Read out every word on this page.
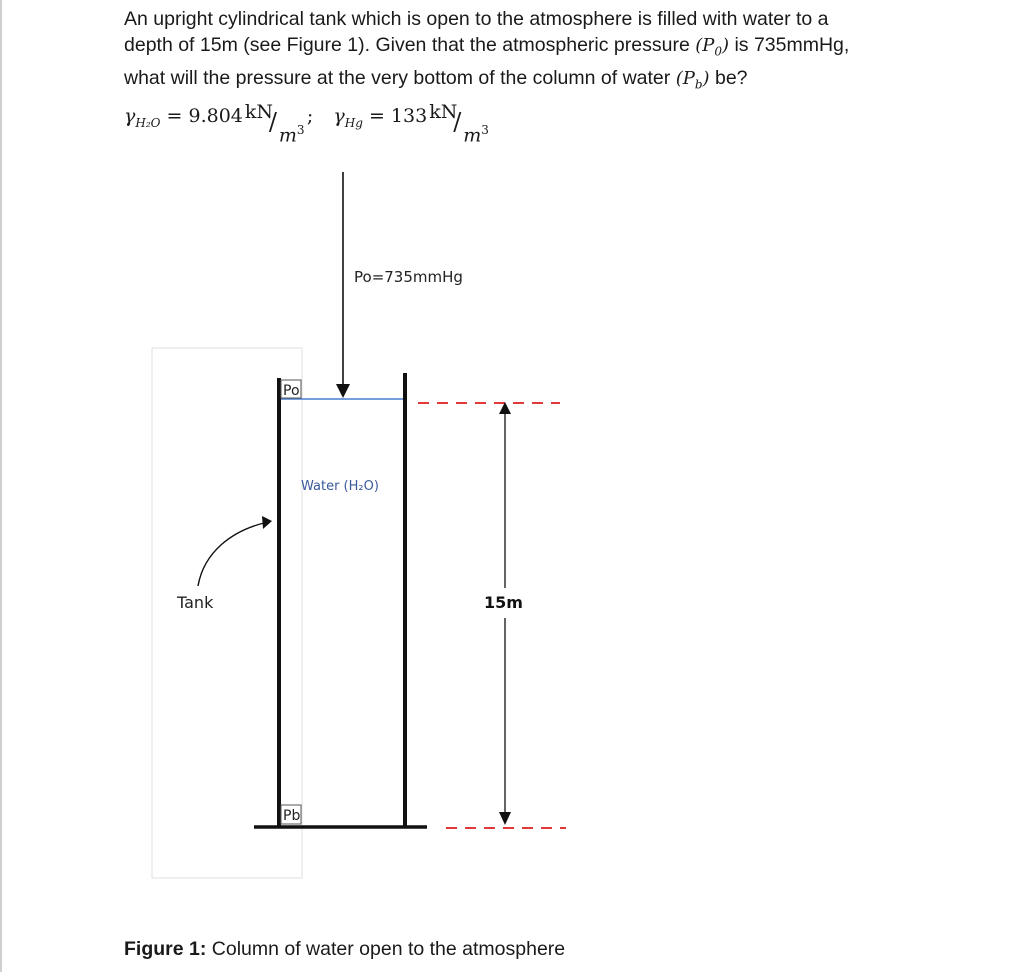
An upright cylindrical tank which is open to the atmosphere is filled with water to a
depth of 15m (see Figure 1). Given that the atmospheric pressure $(P_0)$ is 735mmHg,
what will the pressure at the very bottom of the column of water $(P_b)$ be?

$\gamma_{H_2O} = 9.804$ kN
/ $m^3$
; $\gamma_{Hg} = 133$ kN
/ $m^3$
Po=735mmHg
Po
Pb
Water (H₂O)
Tank	15m
Figure 1: Column of water open to the atmosphere
